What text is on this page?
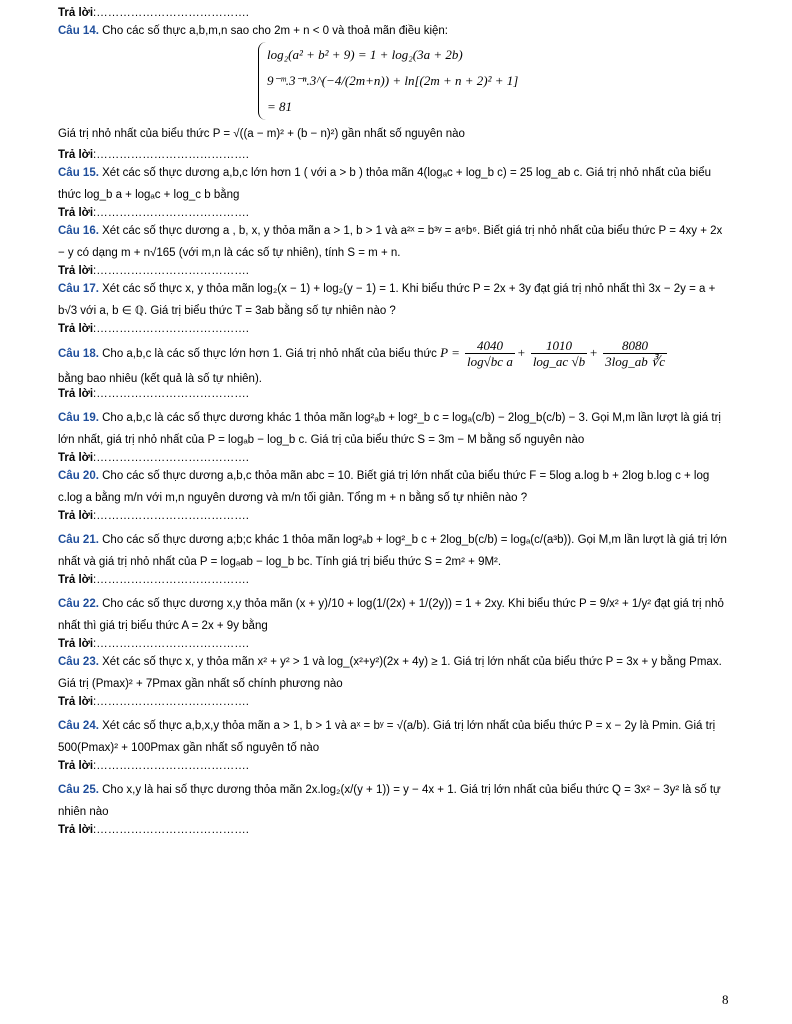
Trả lời:………………………………….
Câu 14. Cho các số thực a,b,m,n sao cho 2m + n < 0 và thoả mãn điều kiện:
log₂(a² + b² + 9) = 1 + log₂(3a + 2b)
9⁻ᵐ.3⁻ⁿ.3^(−4/(2m+n)) + ln[(2m + n + 2)² + 1] = 81
Giá trị nhỏ nhất của biểu thức P = √((a − m)² + (b − n)²) gần nhất số nguyên nào
Trả lời:………………………………….
Câu 15. Xét các số thực dương a,b,c lớn hơn 1 ( với a > b ) thỏa mãn 4(logₐc + log_b c) = 25 log_ab c. Giá trị nhỏ nhất của biểu thức log_b a + logₐc + log_c b bằng
Trả lời:………………………………….
Câu 16. Xét các số thực dương a , b, x, y thỏa mãn a > 1, b > 1 và a²ˣ = b³ʸ = a⁶b⁶. Biết giá trị nhỏ nhất của biểu thức P = 4xy + 2x − y có dạng m + n√165 (với m,n là các số tự nhiên), tính S = m + n.
Trả lời:………………………………….
Câu 17. Xét các số thực x, y thỏa mãn log₂(x − 1) + log₂(y − 1) = 1. Khi biểu thức P = 2x + 3y đạt giá trị nhỏ nhất thì 3x − 2y = a + b√3 với a, b ∈ ℚ. Giá trị biểu thức T = 3ab bằng số tự nhiên nào ?
Trả lời:………………………………….
Câu 18. Cho a,b,c là các số thực lớn hơn 1. Giá trị nhỏ nhất của biểu thức $P = \frac{4040}{\text{log√bc a}} + \frac{1010}{\log\_ac √b} + \frac{8080}{3\log\_ab ∛c}$
bằng bao nhiêu (kết quả là số tự nhiên).
Trả lời:………………………………….
Câu 19. Cho a,b,c là các số thực dương khác 1 thỏa mãn log²ₐb + log²_b c = logₐ(c/b) − 2log_b(c/b) − 3. Gọi M,m lần lượt là giá trị lớn nhất, giá trị nhỏ nhất của P = logₐb − log_b c. Giá trị của biểu thức S = 3m − M bằng số nguyên nào
Trả lời:………………………………….
Câu 20. Cho các số thực dương a,b,c thỏa mãn abc = 10. Biết giá trị lớn nhất của biểu thức F = 5log a.log b + 2log b.log c + log c.log a bằng m/n với m,n nguyên dương và m/n tối giản. Tổng m + n bằng số tự nhiên nào ?
Trả lời:………………………………….
Câu 21. Cho các số thực dương a;b;c khác 1 thỏa mãn log²ₐb + log²_b c + 2log_b(c/b) = logₐ(c/(a³b)). Gọi M,m lần lượt là giá trị lớn nhất và giá trị nhỏ nhất của P = logₐab − log_b bc. Tính giá trị biểu thức S = 2m² + 9M².
Trả lời:………………………………….
Câu 22. Cho các số thực dương x,y thỏa mãn (x + y)/10 + log(1/(2x) + 1/(2y)) = 1 + 2xy. Khi biểu thức P = 9/x² + 1/y² đạt giá trị nhỏ nhất thì giá trị biểu thức A = 2x + 9y bằng
Trả lời:………………………………….
Câu 23. Xét các số thực x, y thỏa mãn x² + y² > 1 và log_(x²+y²)(2x + 4y) ≥ 1. Giá trị lớn nhất của biểu thức P = 3x + y bằng Pmax. Giá trị (Pmax)² + 7Pmax gần nhất số chính phương nào
Trả lời:………………………………….
Câu 24. Xét các số thực a,b,x,y thỏa mãn a > 1, b > 1 và aˣ = bʸ = √(a/b). Giá trị lớn nhất của biểu thức P = x − 2y là Pmin. Giá trị 500(Pmax)² + 100Pmax gần nhất số nguyên tố nào
Trả lời:………………………………….
Câu 25. Cho x,y là hai số thực dương thỏa mãn 2x.log₂(x/(y + 1)) = y − 4x + 1. Giá trị lớn nhất của biểu thức Q = 3x² − 3y² là số tự nhiên nào
Trả lời:………………………………….
8
